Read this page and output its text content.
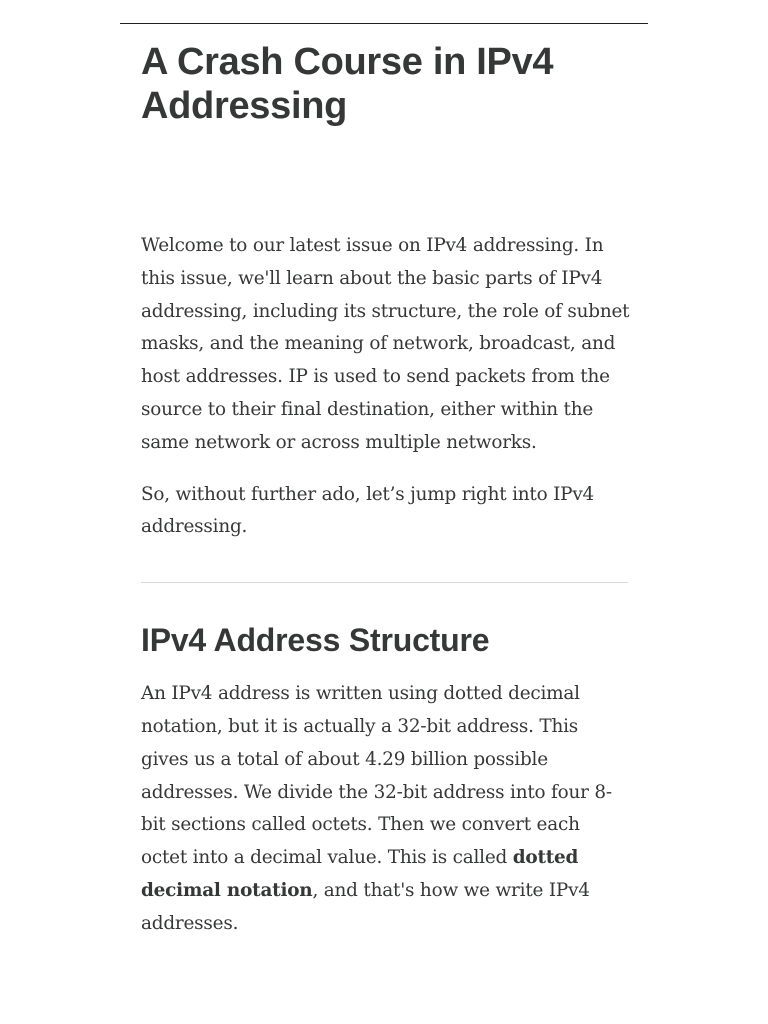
A Crash Course in IPv4 Addressing

Welcome to our latest issue on IPv4 addressing. In this issue, we'll learn about the basic parts of IPv4 addressing, including its structure, the role of subnet masks, and the meaning of network, broadcast, and host addresses. IP is used to send packets from the source to their final destination, either within the same network or across multiple networks.

So, without further ado, let’s jump right into IPv4 addressing.

IPv4 Address Structure

An IPv4 address is written using dotted decimal notation, but it is actually a 32-bit address. This gives us a total of about 4.29 billion possible addresses. We divide the 32-bit address into four 8-bit sections called octets. Then we convert each octet into a decimal value. This is called dotted decimal notation, and that's how we write IPv4 addresses.
